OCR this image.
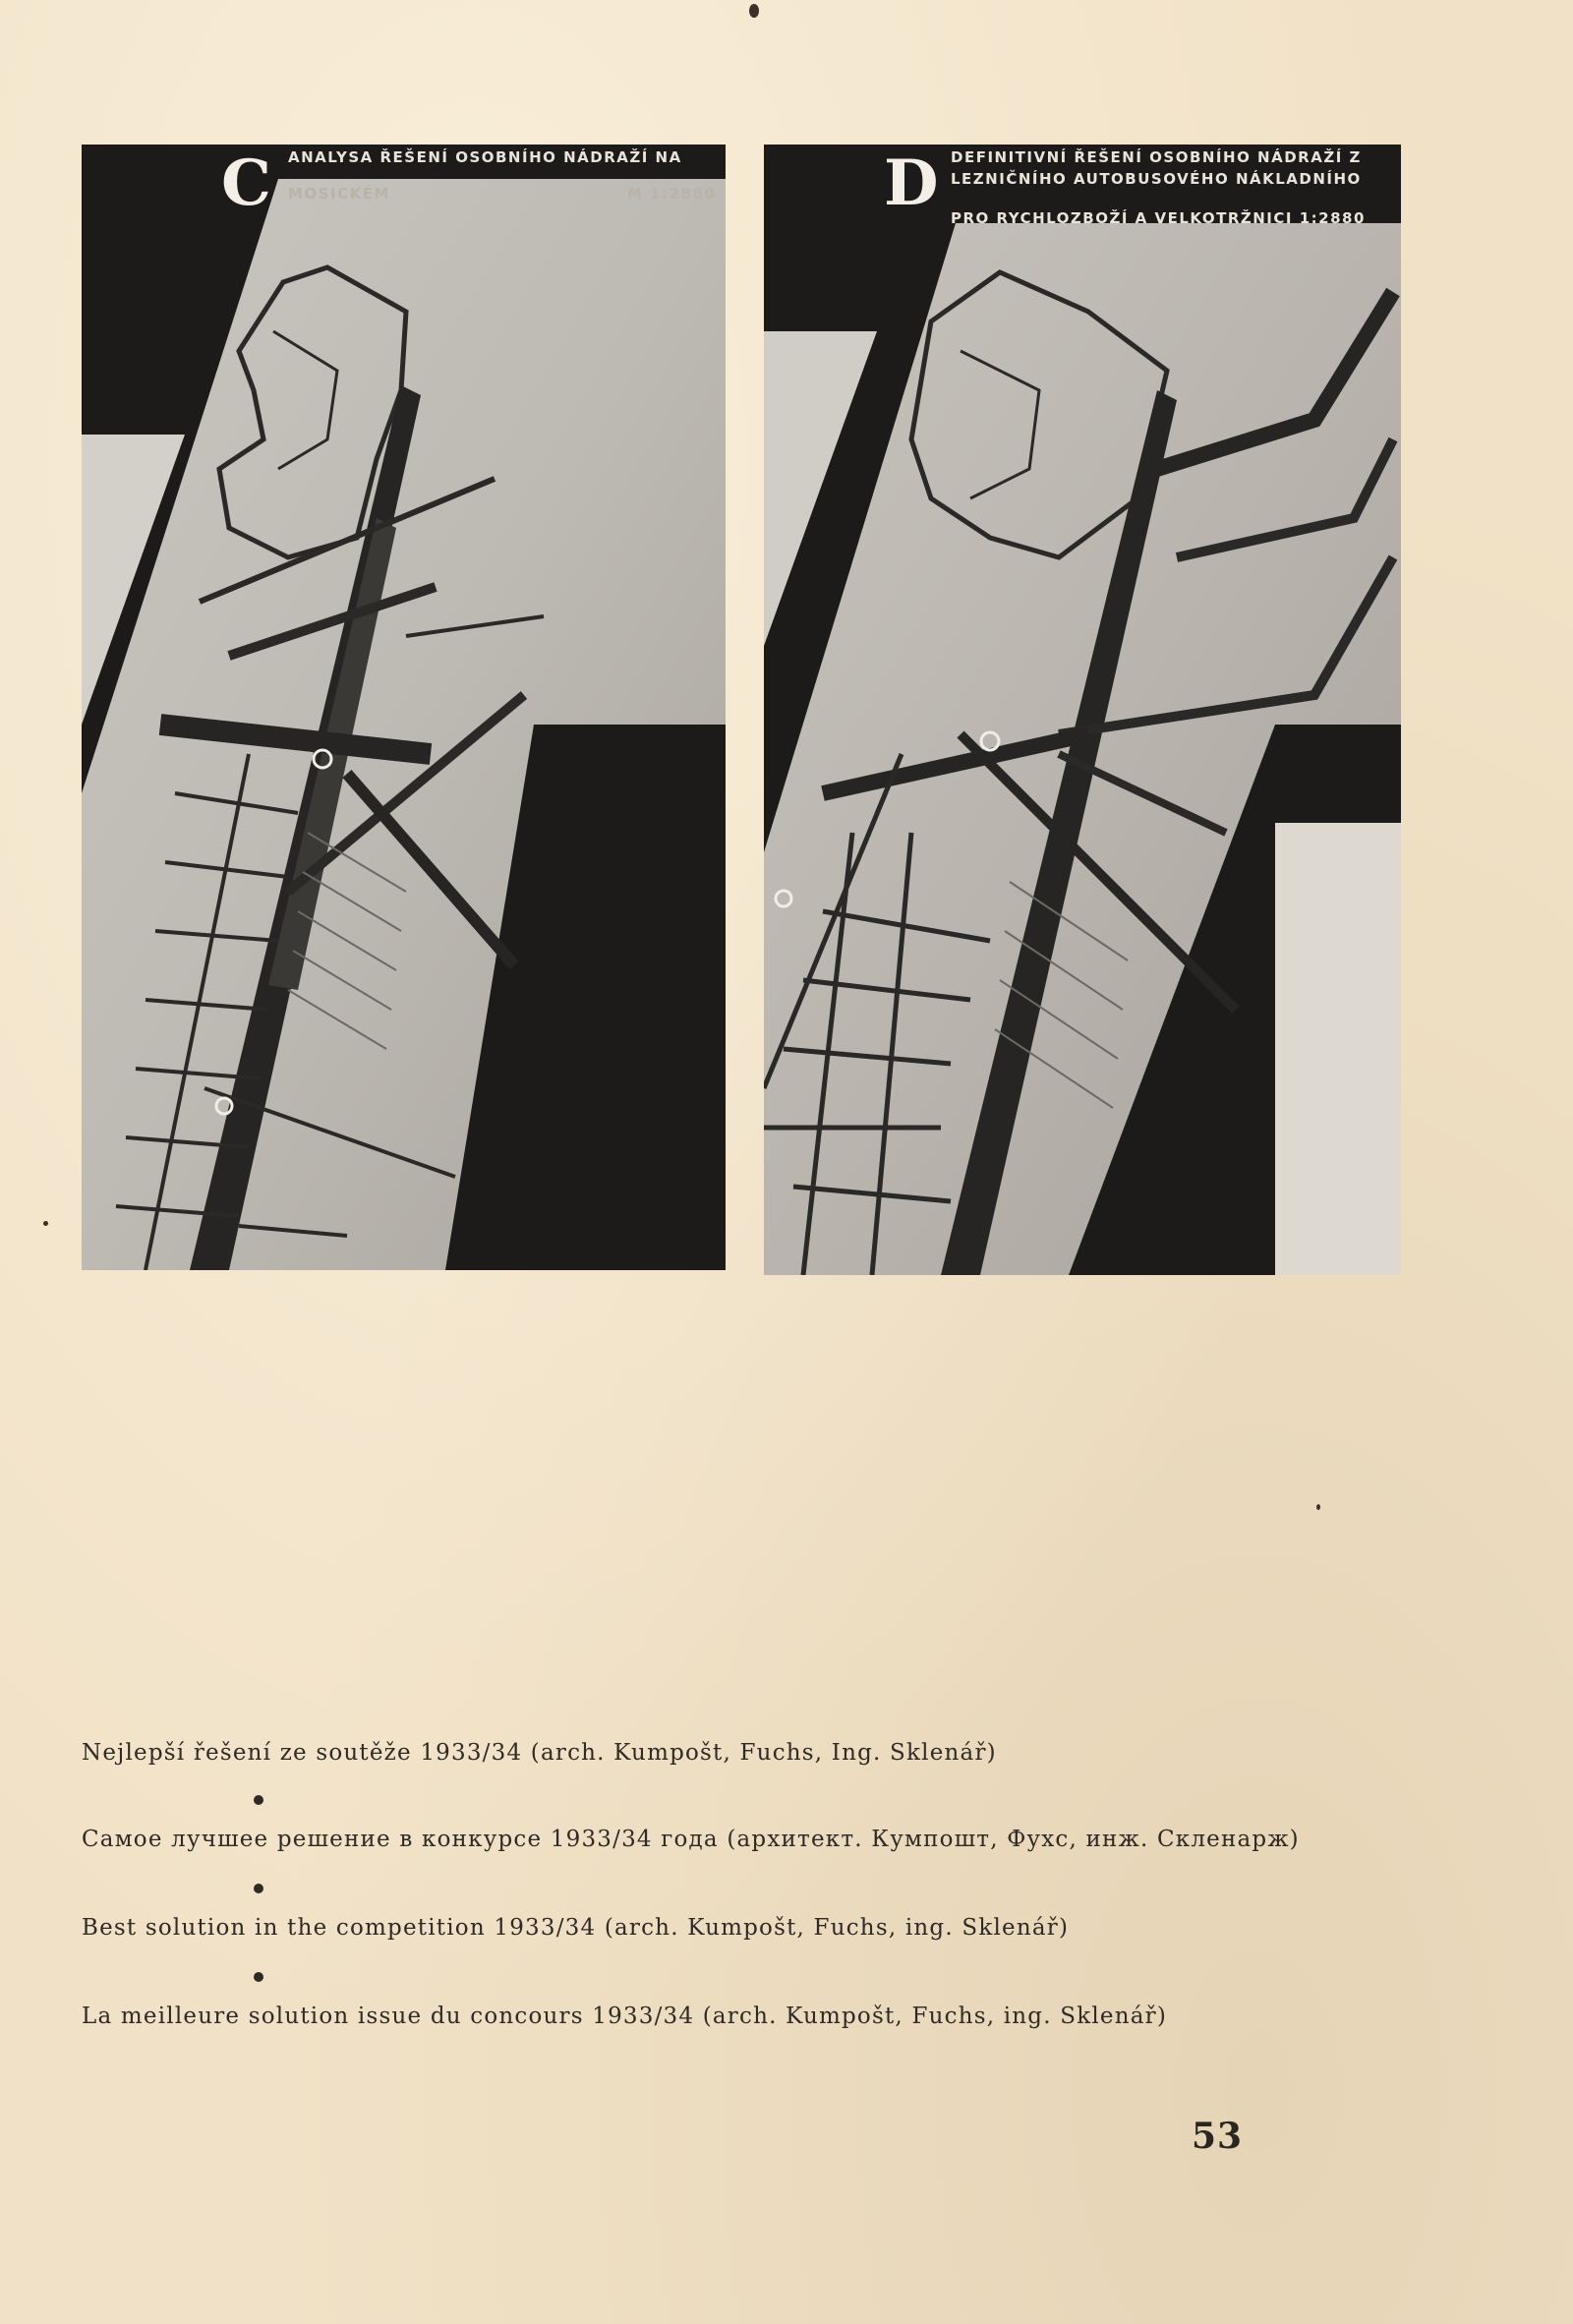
C ANALYSA ŘEŠENÍ OSOBNÍHO NÁDRAŽÍ NA
MOSICKÉM	M 1:2880	D DEFINITIVNÍ ŘEŠENÍ OSOBNÍHO NÁDRAŽÍ Z
LEZNIČNÍHO AUTOBUSOVÉHO NÁKLADNÍHO
PRO RYCHLOZBOŽÍ A VELKOTRŽNICI 1:2880
Nejlepší řešení ze soutěže 1933/34 (arch. Kumpošt, Fuchs, Ing. Sklenář)
Самое лучшее решение в конкурсе 1933/34 года (архитект. Кумпошт, Фухс, инж. Скленарж)
Best solution in the competition 1933/34 (arch. Kumpošt, Fuchs, ing. Sklenář)
La meilleure solution issue du concours 1933/34 (arch. Kumpošt, Fuchs, ing. Sklenář)
53
